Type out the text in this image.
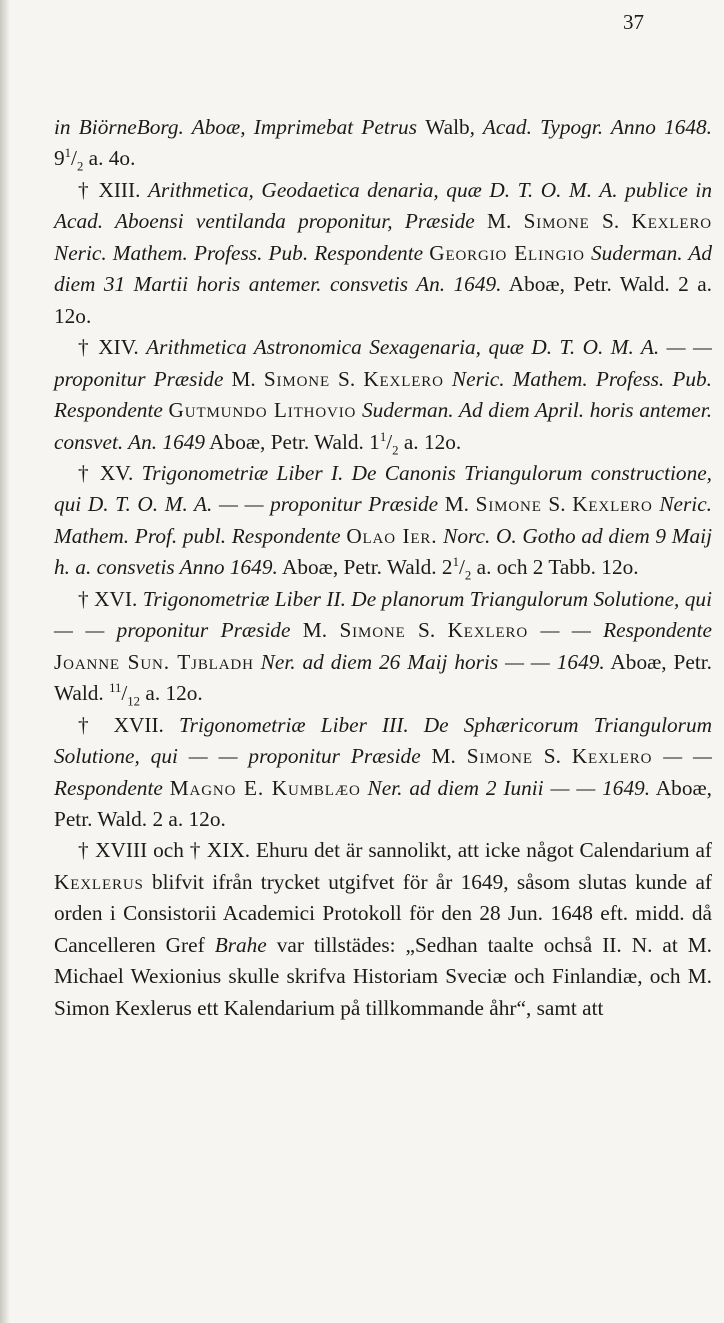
37

in BiörneBorg. Aboæ, Imprimebat Petrus Walb, Acad. Typogr. Anno 1648. $9^1/_2$ a. 4o.

† XIII. Arithmetica, Geodaetica denaria, quæ D. T. O. M. A. publice in Acad. Aboensi ventilanda proponitur, Præside M. Simone S. Kexlero Neric. Mathem. Profess. Pub. Respondente Georgio Elingio Suderman. Ad diem 31 Martii horis antemer. consvetis An. 1649. Aboæ, Petr. Wald. 2 a. 12o.

† XIV. Arithmetica Astronomica Sexagenaria, quæ D. T. O. M. A. — — proponitur Præside M. Simone S. Kexlero Neric. Mathem. Profess. Pub. Respondente Gutmundo Lithovio Suderman. Ad diem April. horis antemer. consvet. An. 1649 Aboæ, Petr. Wald. $1^1/_2$ a. 12o.

† XV. Trigonometriæ Liber I. De Canonis Triangulorum constructione, qui D. T. O. M. A. — — proponitur Præside M. Simone S. Kexlero Neric. Mathem. Prof. publ. Respondente Olao Ier. Norc. O. Gotho ad diem 9 Maij h. a. consvetis Anno 1649. Aboæ, Petr. Wald. $2^1/_2$ a. och 2 Tabb. 12o.

† XVI. Trigonometriæ Liber II. De planorum Triangulorum Solutione, qui — — proponitur Præside M. Simone S. Kexlero — — Respondente Joanne Sun. Tjbladh Ner. ad diem 26 Maij horis — — 1649. Aboæ, Petr. Wald. $^{11}/_{12}$ a. 12o.

† XVII. Trigonometriæ Liber III. De Sphæricorum Triangulorum Solutione, qui — — proponitur Præside M. Simone S. Kexlero — — Respondente Magno E. Kumblæo Ner. ad diem 2 Iunii — — 1649. Aboæ, Petr. Wald. 2 a. 12o.

† XVIII och † XIX. Ehuru det är sannolikt, att icke något Calendarium af Kexlerus blifvit ifrån trycket utgifvet för år 1649, såsom slutas kunde af orden i Consistorii Academici Protokoll för den 28 Jun. 1648 eft. midd. då Cancelleren Gref Brahe var tillstädes: „Sedhan taalte ochså II. N. at M. Michael Wexionius skulle skrifva Historiam Sveciæ och Finlandiæ, och M. Simon Kexlerus ett Kalendarium på tillkommande åhr“, samt att
